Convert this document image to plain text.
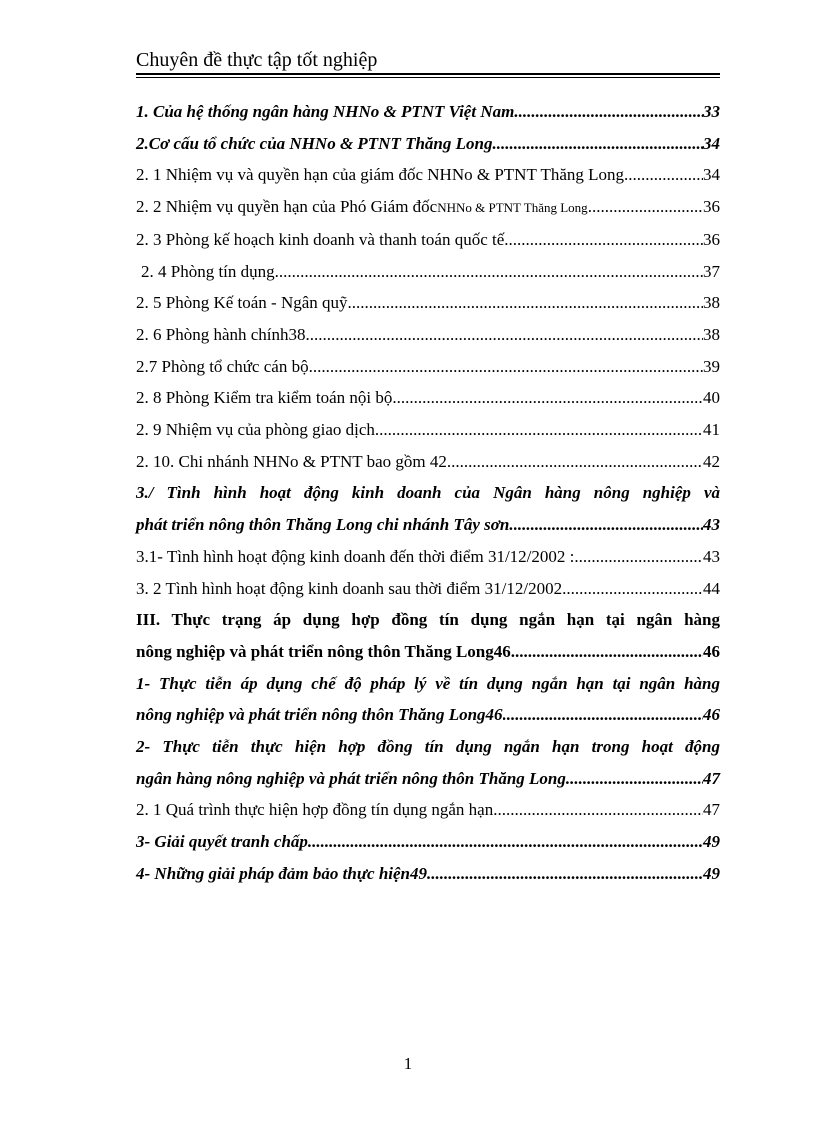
Chuyên đề thực tập tốt nghiệp
1. Của hệ thống ngân hàng NHNo & PTNT Việt Nam .....	33
2.Cơ cấu tổ chức của NHNo & PTNT Thăng Long .....	34
2. 1 Nhiệm vụ và quyền hạn của giám đốc NHNo & PTNT Thăng Long .....	34
2. 2 Nhiệm vụ quyền hạn của Phó Giám đốc NHNo & PTNT Thăng Long .....	36
2. 3 Phòng kế hoạch kinh doanh và thanh toán quốc tế. .....	36
2. 4 Phòng tín dụng. .....	37
2. 5 Phòng Kế toán - Ngân quỹ. .....	38
2. 6 Phòng hành chính38 .....	38
2.7 Phòng tổ chức cán bộ. .....	39
2. 8 Phòng Kiểm tra kiểm toán nội bộ. .....	40
2. 9 Nhiệm vụ của phòng giao dịch. .....	41
2. 10. Chi nhánh NHNo & PTNT bao gồm 42 .....	42
3./ Tình hình hoạt động kinh doanh của Ngân hàng nông nghiệp và
phát triển nông thôn Thăng Long chi nhánh Tây sơn. .....	43
3.1- Tình hình hoạt động kinh doanh đến thời điểm 31/12/2002 : .....	43
3. 2 Tình hình hoạt động kinh doanh sau thời điểm 31/12/2002 .....	44
III. Thực trạng áp dụng hợp đồng tín dụng ngắn hạn tại ngân hàng
nông nghiệp và phát triển nông thôn Thăng Long46 .....	46
1- Thực tiễn áp dụng chế độ pháp lý về tín dụng ngắn hạn tại ngân hàng
nông nghiệp và phát triển nông thôn Thăng Long46 .....	46
2- Thực tiễn thực hiện hợp đồng tín dụng ngắn hạn trong hoạt động
ngân hàng nông nghiệp và phát triển nông thôn Thăng Long. .....	47
2. 1 Quá trình thực hiện hợp đồng tín dụng ngắn hạn. .....	47
3- Giải quyết tranh chấp .....	49
4- Những giải pháp đảm bảo thực hiện49 .....	49
1
